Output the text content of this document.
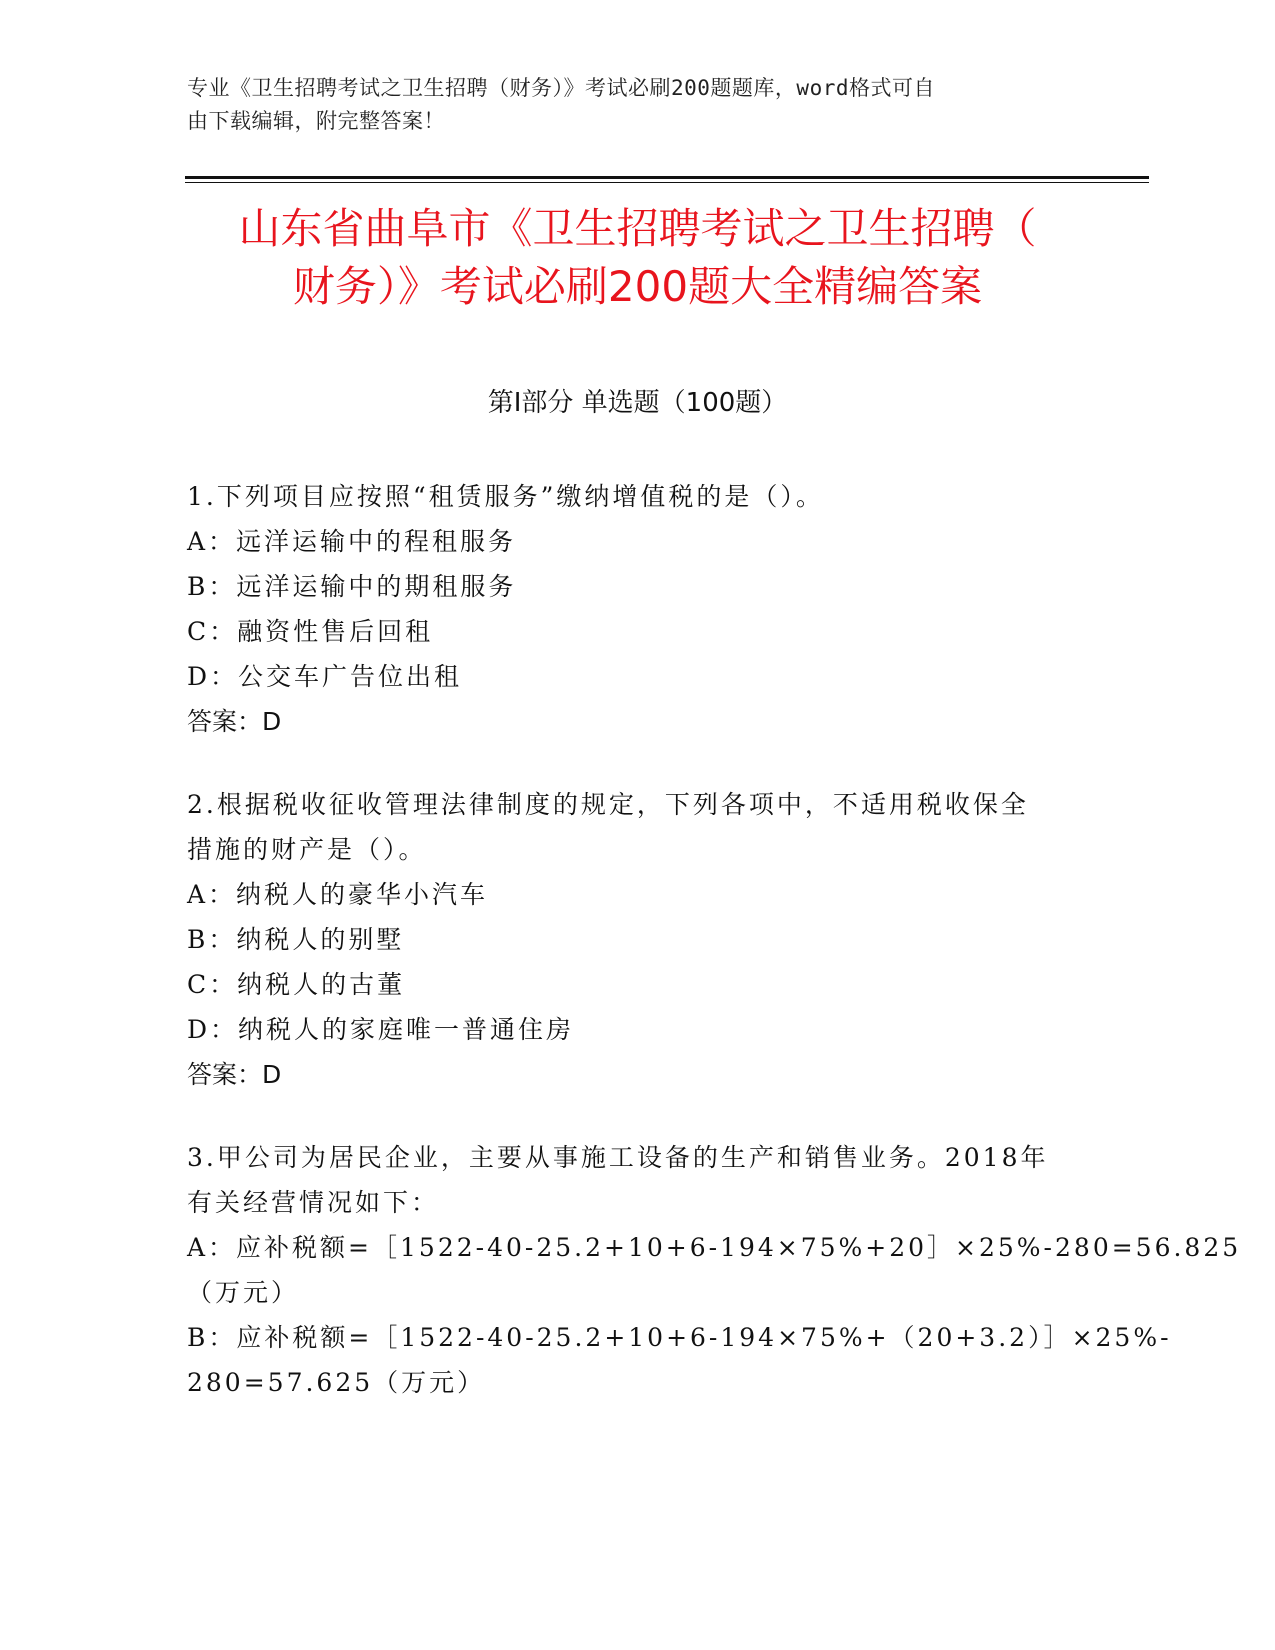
专业《卫生招聘考试之卫生招聘（财务）》考试必刷200题题库，word格式可自
由下载编辑，附完整答案！
山东省曲阜市《卫生招聘考试之卫生招聘（
财务）》考试必刷200题大全精编答案
第Ⅰ部分 单选题（100题）
1.下列项目应按照“租赁服务”缴纳增值税的是（）。
A：远洋运输中的程租服务
B：远洋运输中的期租服务
C：融资性售后回租
D：公交车广告位出租
答案：D
2.根据税收征收管理法律制度的规定，下列各项中，不适用税收保全
措施的财产是（）。
A：纳税人的豪华小汽车
B：纳税人的别墅
C：纳税人的古董
D：纳税人的家庭唯一普通住房
答案：D
3.甲公司为居民企业，主要从事施工设备的生产和销售业务。2018年
有关经营情况如下：
A：应补税额=［1522-40-25.2+10+6-194×75%+20］×25%-280=56.825
（万元）
B：应补税额=［1522-40-25.2+10+6-194×75%+（20+3.2）］×25%-
280=57.625（万元）
